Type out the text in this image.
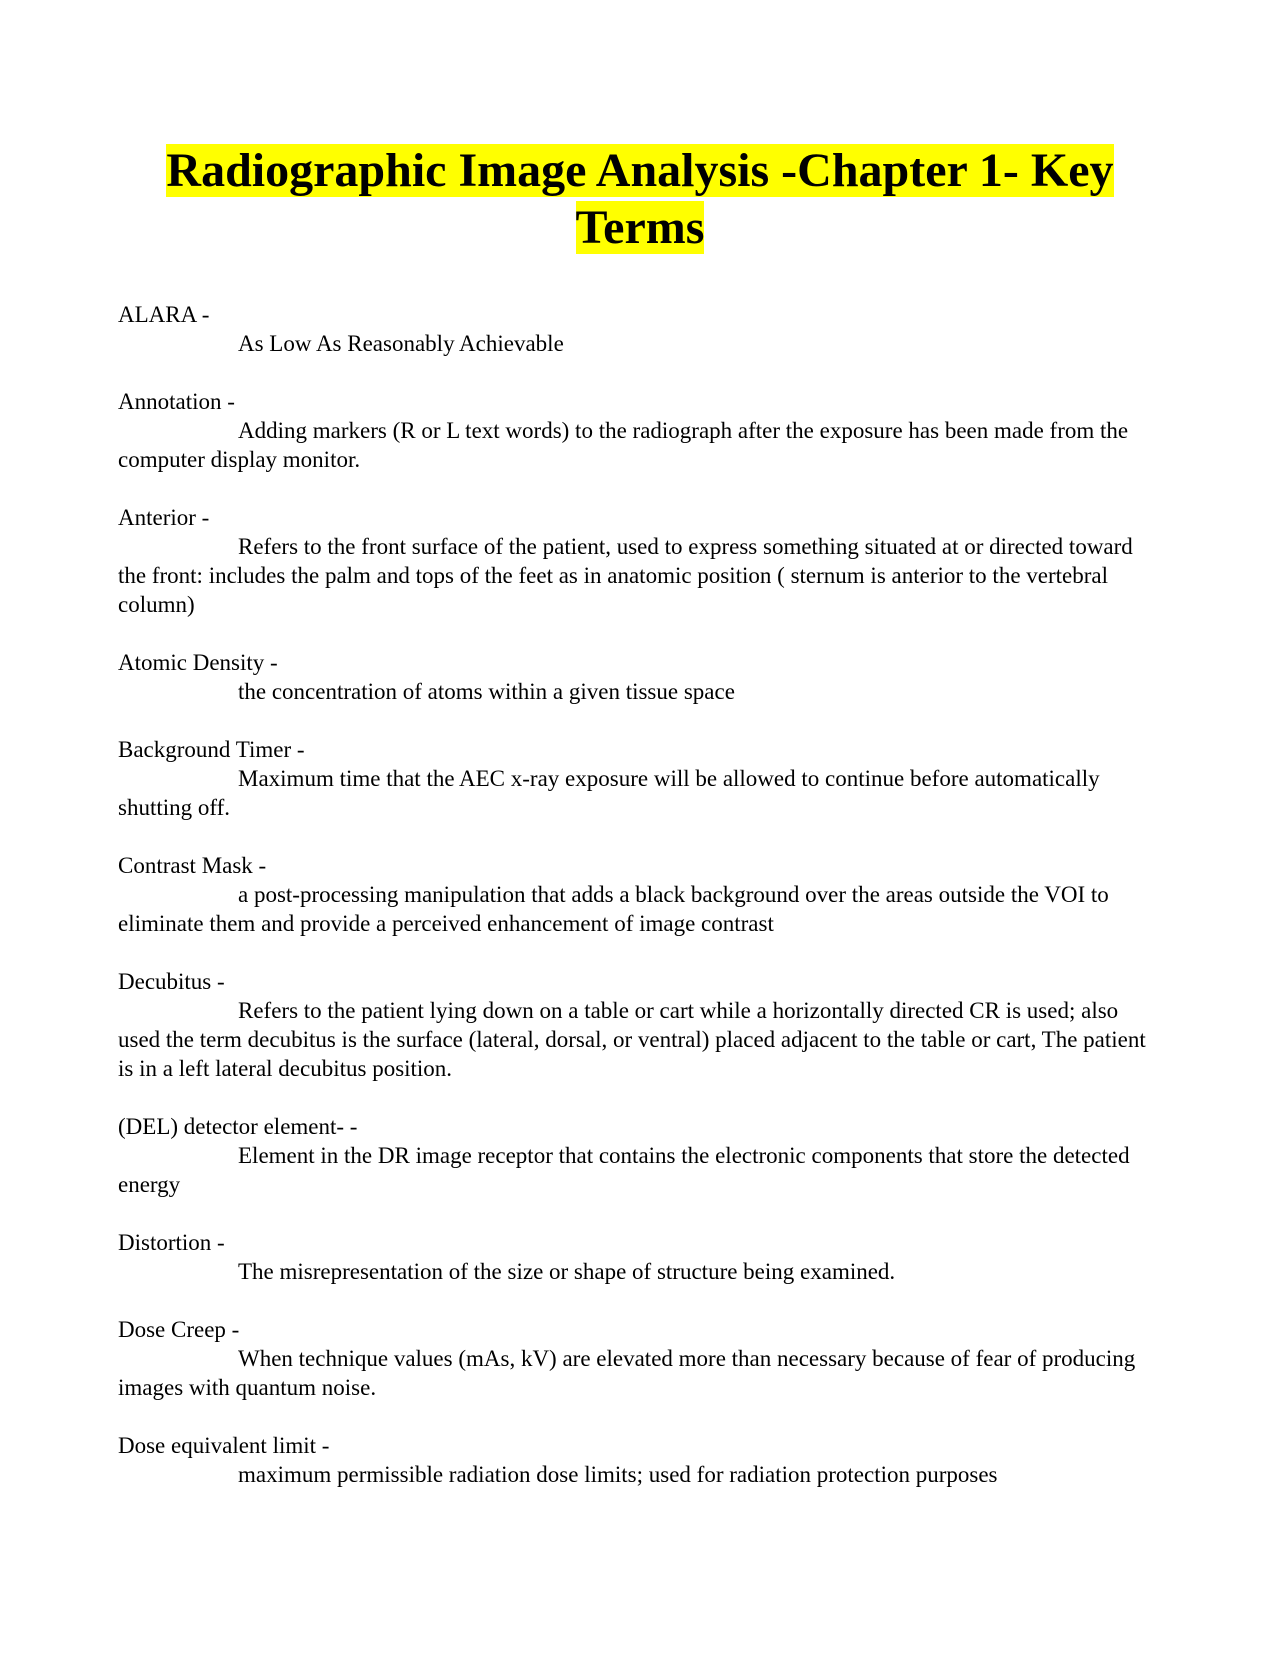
Radiographic Image Analysis -Chapter 1- Key Terms
ALARA -
As Low As Reasonably Achievable
Annotation -
Adding markers (R or L text words) to the radiograph after the exposure has been made from the computer display monitor.
Anterior -
Refers to the front surface of the patient, used to express something situated at or directed toward the front: includes the palm and tops of the feet as in anatomic position ( sternum is anterior to the vertebral column)
Atomic Density -
the concentration of atoms within a given tissue space
Background Timer -
Maximum time that the AEC x-ray exposure will be allowed to continue before automatically shutting off.
Contrast Mask -
a post-processing manipulation that adds a black background over the areas outside the VOI to eliminate them and provide a perceived enhancement of image contrast
Decubitus -
Refers to the patient lying down on a table or cart while a horizontally directed CR is used; also used the term decubitus is the surface (lateral, dorsal, or ventral) placed adjacent to the table or cart, The patient is in a left lateral decubitus position.
(DEL) detector element- -
Element in the DR image receptor that contains the electronic components that store the detected energy
Distortion -
The misrepresentation of the size or shape of structure being examined.
Dose Creep -
When technique values (mAs, kV) are elevated more than necessary because of fear of producing images with quantum noise.
Dose equivalent limit -
maximum permissible radiation dose limits; used for radiation protection purposes
